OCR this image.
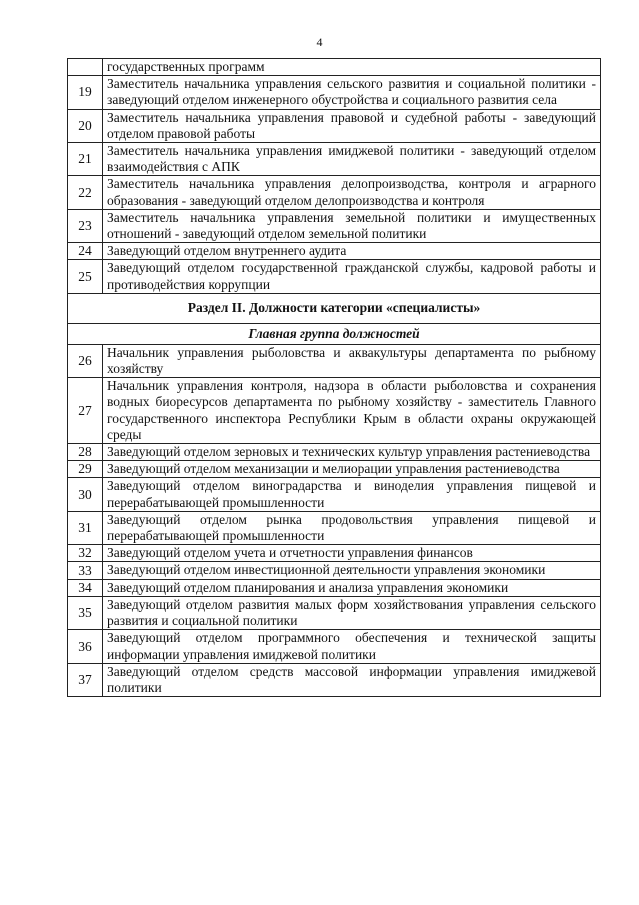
4
	государственных программ
19	Заместитель начальника управления сельского развития и социальной политики - заведующий отделом инженерного обустройства и социального развития села
20	Заместитель начальника управления правовой и судебной работы - заведующий отделом правовой работы
21	Заместитель начальника управления имиджевой политики - заведующий отделом взаимодействия с АПК
22	Заместитель начальника управления делопроизводства, контроля и аграрного образования - заведующий отделом делопроизводства и контроля
23	Заместитель начальника управления земельной политики и имущественных отношений - заведующий отделом земельной политики
24	Заведующий отделом внутреннего аудита
25	Заведующий отделом государственной гражданской службы, кадровой работы и противодействия коррупции
Раздел II. Должности категории «специалисты»	
Главная группа должностей	
26	Начальник управления рыболовства и аквакультуры департамента по рыбному хозяйству
27	Начальник управления контроля, надзора в области рыболовства и сохранения водных биоресурсов департамента по рыбному хозяйству - заместитель Главного государственного инспектора Республики Крым в области охраны окружающей среды
28	Заведующий отделом зерновых и технических культур управления растениеводства
29	Заведующий отделом механизации и мелиорации управления растениеводства
30	Заведующий отделом виноградарства и виноделия управления пищевой и перерабатывающей промышленности
31	Заведующий отделом рынка продовольствия управления пищевой и перерабатывающей промышленности
32	Заведующий отделом учета и отчетности управления финансов
33	Заведующий отделом инвестиционной деятельности управления экономики
34	Заведующий отделом планирования и анализа управления экономики
35	Заведующий отделом развития малых форм хозяйствования управления сельского развития и социальной политики
36	Заведующий отделом программного обеспечения и технической защиты информации управления имиджевой политики
37	Заведующий отделом средств массовой информации управления имиджевой политики
